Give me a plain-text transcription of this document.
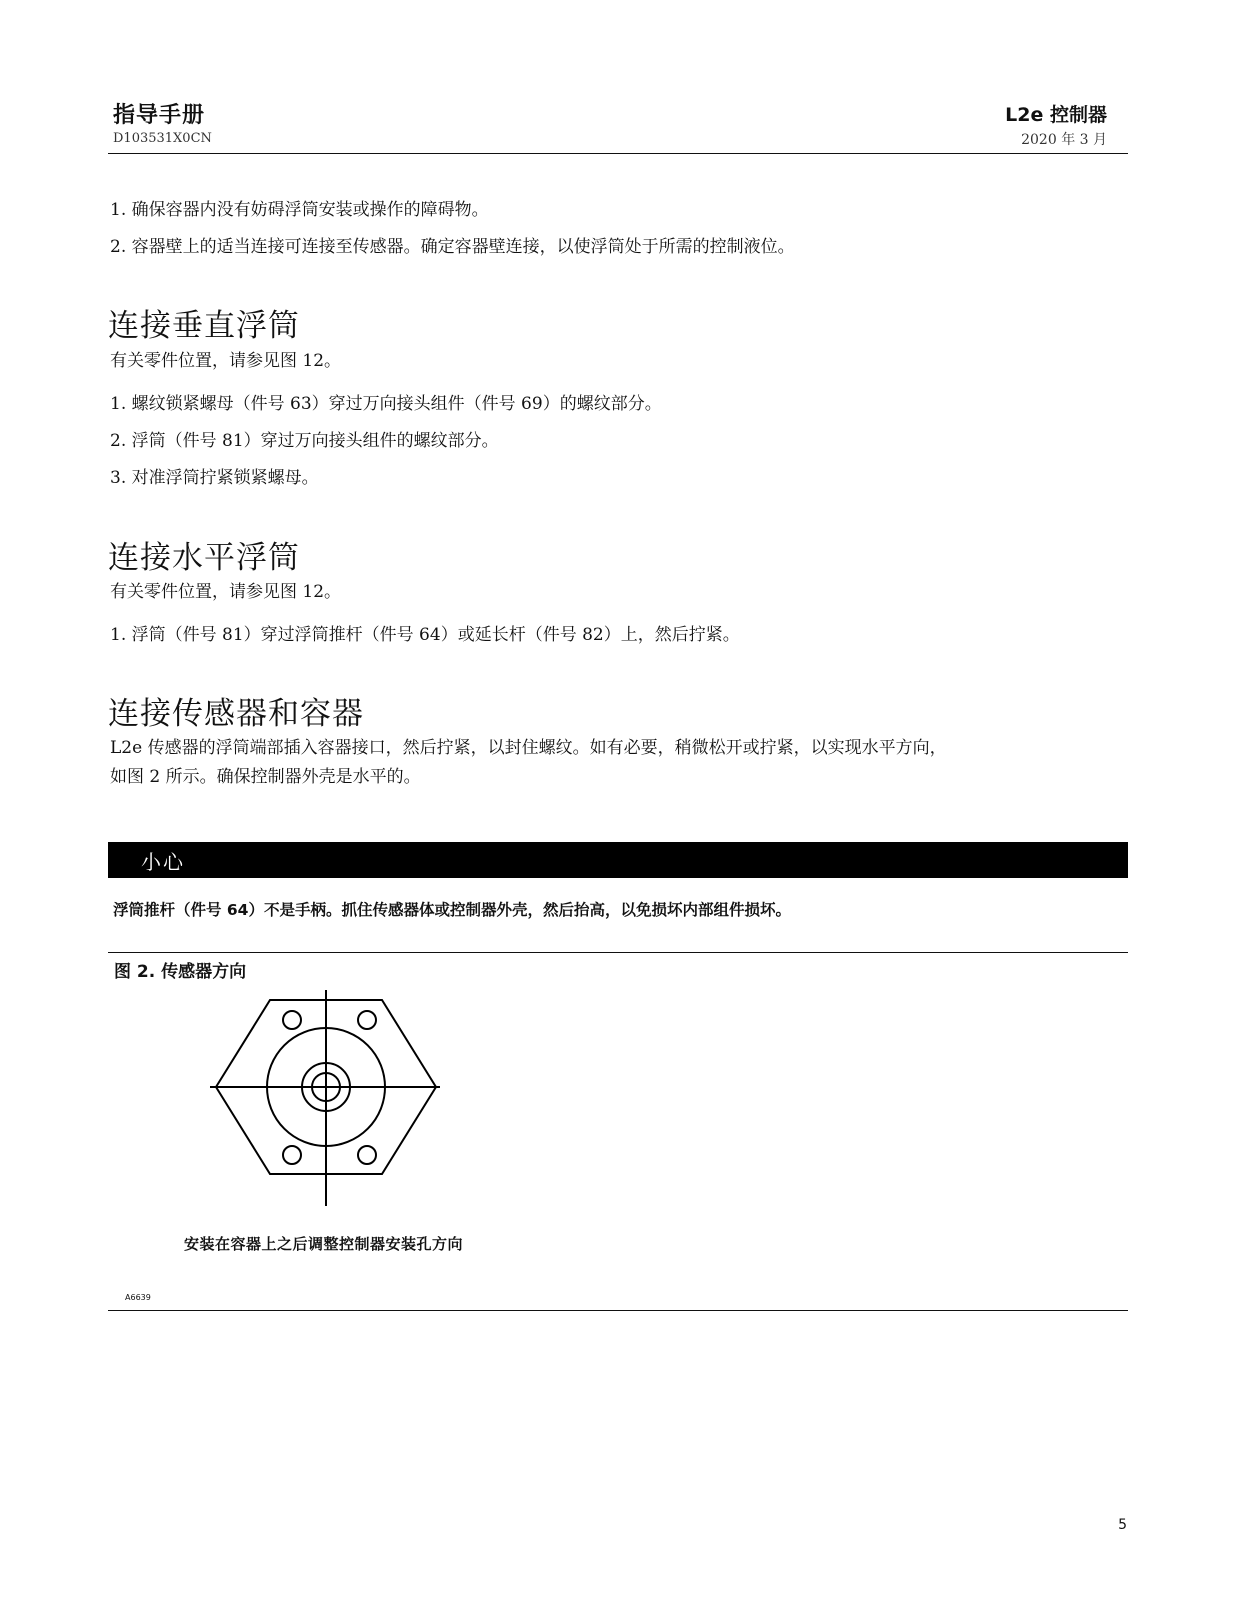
指导手册
D103531X0CN
L2e 控制器
2020 年 3 月

1. 确保容器内没有妨碍浮筒安装或操作的障碍物。

2. 容器壁上的适当连接可连接至传感器。确定容器壁连接，以使浮筒处于所需的控制液位。

连接垂直浮筒

有关零件位置，请参见图 12。

1. 螺纹锁紧螺母（件号 63）穿过万向接头组件（件号 69）的螺纹部分。

2. 浮筒（件号 81）穿过万向接头组件的螺纹部分。

3. 对准浮筒拧紧锁紧螺母。

连接水平浮筒

有关零件位置，请参见图 12。

1. 浮筒（件号 81）穿过浮筒推杆（件号 64）或延长杆（件号 82）上，然后拧紧。

连接传感器和容器

L2e 传感器的浮筒端部插入容器接口，然后拧紧，以封住螺纹。如有必要，稍微松开或拧紧，以实现水平方向，

如图 2 所示。确保控制器外壳是水平的。

小心
浮筒推杆（件号 64）不是手柄。抓住传感器体或控制器外壳，然后抬高，以免损坏内部组件损坏。
图 2. 传感器方向
安装在容器上之后调整控制器安装孔方向
A6639
5
